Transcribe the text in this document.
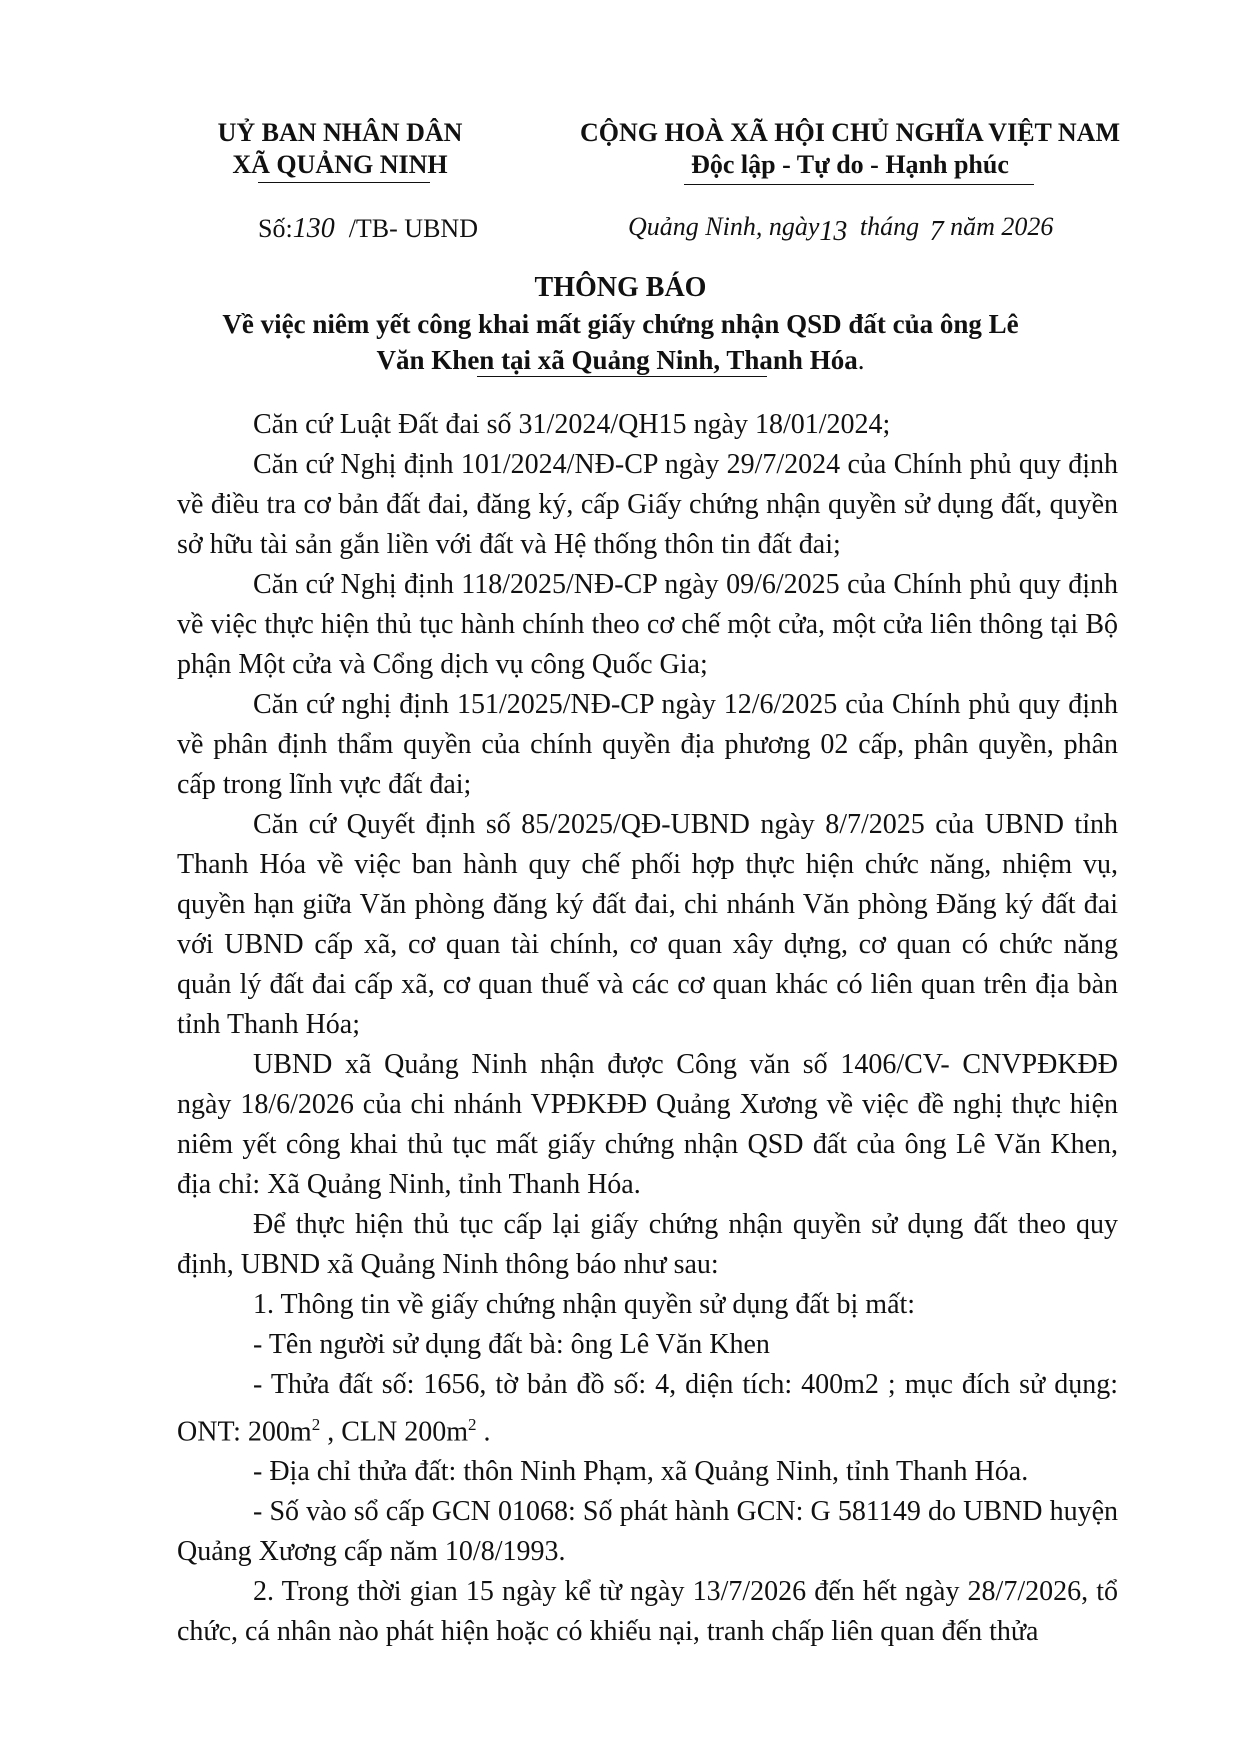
UỶ BAN NHÂN DÂN
XÃ QUẢNG NINH
CỘNG HOÀ XÃ HỘI CHỦ NGHĨA VIỆT NAM
Độc lập - Tự do - Hạnh phúc
Số:130 /TB- UBND	Quảng Ninh, ngày13 tháng 7 năm 2026
THÔNG BÁO
Về việc niêm yết công khai mất giấy chứng nhận QSD đất của ông Lê
Văn Khen tại xã Quảng Ninh, Thanh Hóa.

Căn cứ Luật Đất đai số 31/2024/QH15 ngày 18/01/2024;

Căn cứ Nghị định 101/2024/NĐ-CP ngày 29/7/2024 của Chính phủ quy định về điều tra cơ bản đất đai, đăng ký, cấp Giấy chứng nhận quyền sử dụng đất, quyền sở hữu tài sản gắn liền với đất và Hệ thống thôn tin đất đai;

Căn cứ Nghị định 118/2025/NĐ-CP ngày 09/6/2025 của Chính phủ quy định về việc thực hiện thủ tục hành chính theo cơ chế một cửa, một cửa liên thông tại Bộ phận Một cửa và Cổng dịch vụ công Quốc Gia;

Căn cứ nghị định 151/2025/NĐ-CP ngày 12/6/2025 của Chính phủ quy định về phân định thẩm quyền của chính quyền địa phương 02 cấp, phân quyền, phân cấp trong lĩnh vực đất đai;

Căn cứ Quyết định số 85/2025/QĐ-UBND ngày 8/7/2025 của UBND tỉnh Thanh Hóa về việc ban hành quy chế phối hợp thực hiện chức năng, nhiệm vụ, quyền hạn giữa Văn phòng đăng ký đất đai, chi nhánh Văn phòng Đăng ký đất đai với UBND cấp xã, cơ quan tài chính, cơ quan xây dựng, cơ quan có chức năng quản lý đất đai cấp xã, cơ quan thuế và các cơ quan khác có liên quan trên địa bàn tỉnh Thanh Hóa;

UBND xã Quảng Ninh nhận được Công văn số 1406/CV- CNVPĐKĐĐ ngày 18/6/2026 của chi nhánh VPĐKĐĐ Quảng Xương về việc đề nghị thực hiện niêm yết công khai thủ tục mất giấy chứng nhận QSD đất của ông Lê Văn Khen, địa chỉ: Xã Quảng Ninh, tỉnh Thanh Hóa.

Để thực hiện thủ tục cấp lại giấy chứng nhận quyền sử dụng đất theo quy định, UBND xã Quảng Ninh thông báo như sau:

1. Thông tin về giấy chứng nhận quyền sử dụng đất bị mất:

- Tên người sử dụng đất bà: ông Lê Văn Khen

- Thửa đất số: 1656, tờ bản đồ số: 4, diện tích: 400m2 ; mục đích sử dụng: ONT: $200m^2$ , CLN $200m^2$ .

- Địa chỉ thửa đất: thôn Ninh Phạm, xã Quảng Ninh, tỉnh Thanh Hóa.

- Số vào sổ cấp GCN 01068: Số phát hành GCN: G 581149 do UBND huyện Quảng Xương cấp năm 10/8/1993.

2. Trong thời gian 15 ngày kể từ ngày 13/7/2026 đến hết ngày 28/7/2026, tổ chức, cá nhân nào phát hiện hoặc có khiếu nại, tranh chấp liên quan đến thửa
